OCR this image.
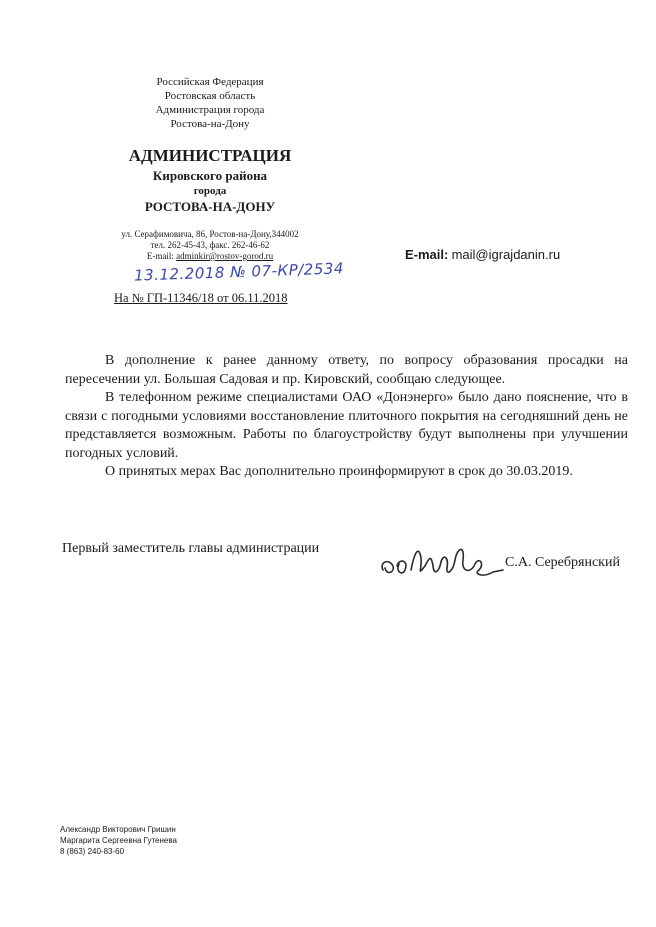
Российская Федерация
Ростовская область
Администрация города
Ростова-на-Дону
АДМИНИСТРАЦИЯ
Кировского района
города
РОСТОВА-НА-ДОНУ
ул. Серафимовича, 86, Ростов-на-Дону,344002
тел. 262-45-43, факс. 262-46-62
E-mail: adminkir@rostov-gorod.ru	E-mail: mail@igrajdanin.ru
13.12.2018 № 07-КР/2534
На № ГП-11346/18 от 06.11.2018

В дополнение к ранее данному ответу, по вопросу образования просадки на пересечении ул. Большая Садовая и пр. Кировский, сообщаю следующее.

В телефонном режиме специалистами ОАО «Донэнерго» было дано пояснение, что в связи с погодными условиями восстановление плиточного покрытия на сегодняшний день не представляется возможным. Работы по благоустройству будут выполнены при улучшении погодных условий.

О принятых мерах Вас дополнительно проинформируют в срок до 30.03.2019.

Первый заместитель главы администрации
С.А. Серебрянский
Александр Викторович Гришин
Маргарита Сергеевна Гутенева
8 (863) 240-83-60
